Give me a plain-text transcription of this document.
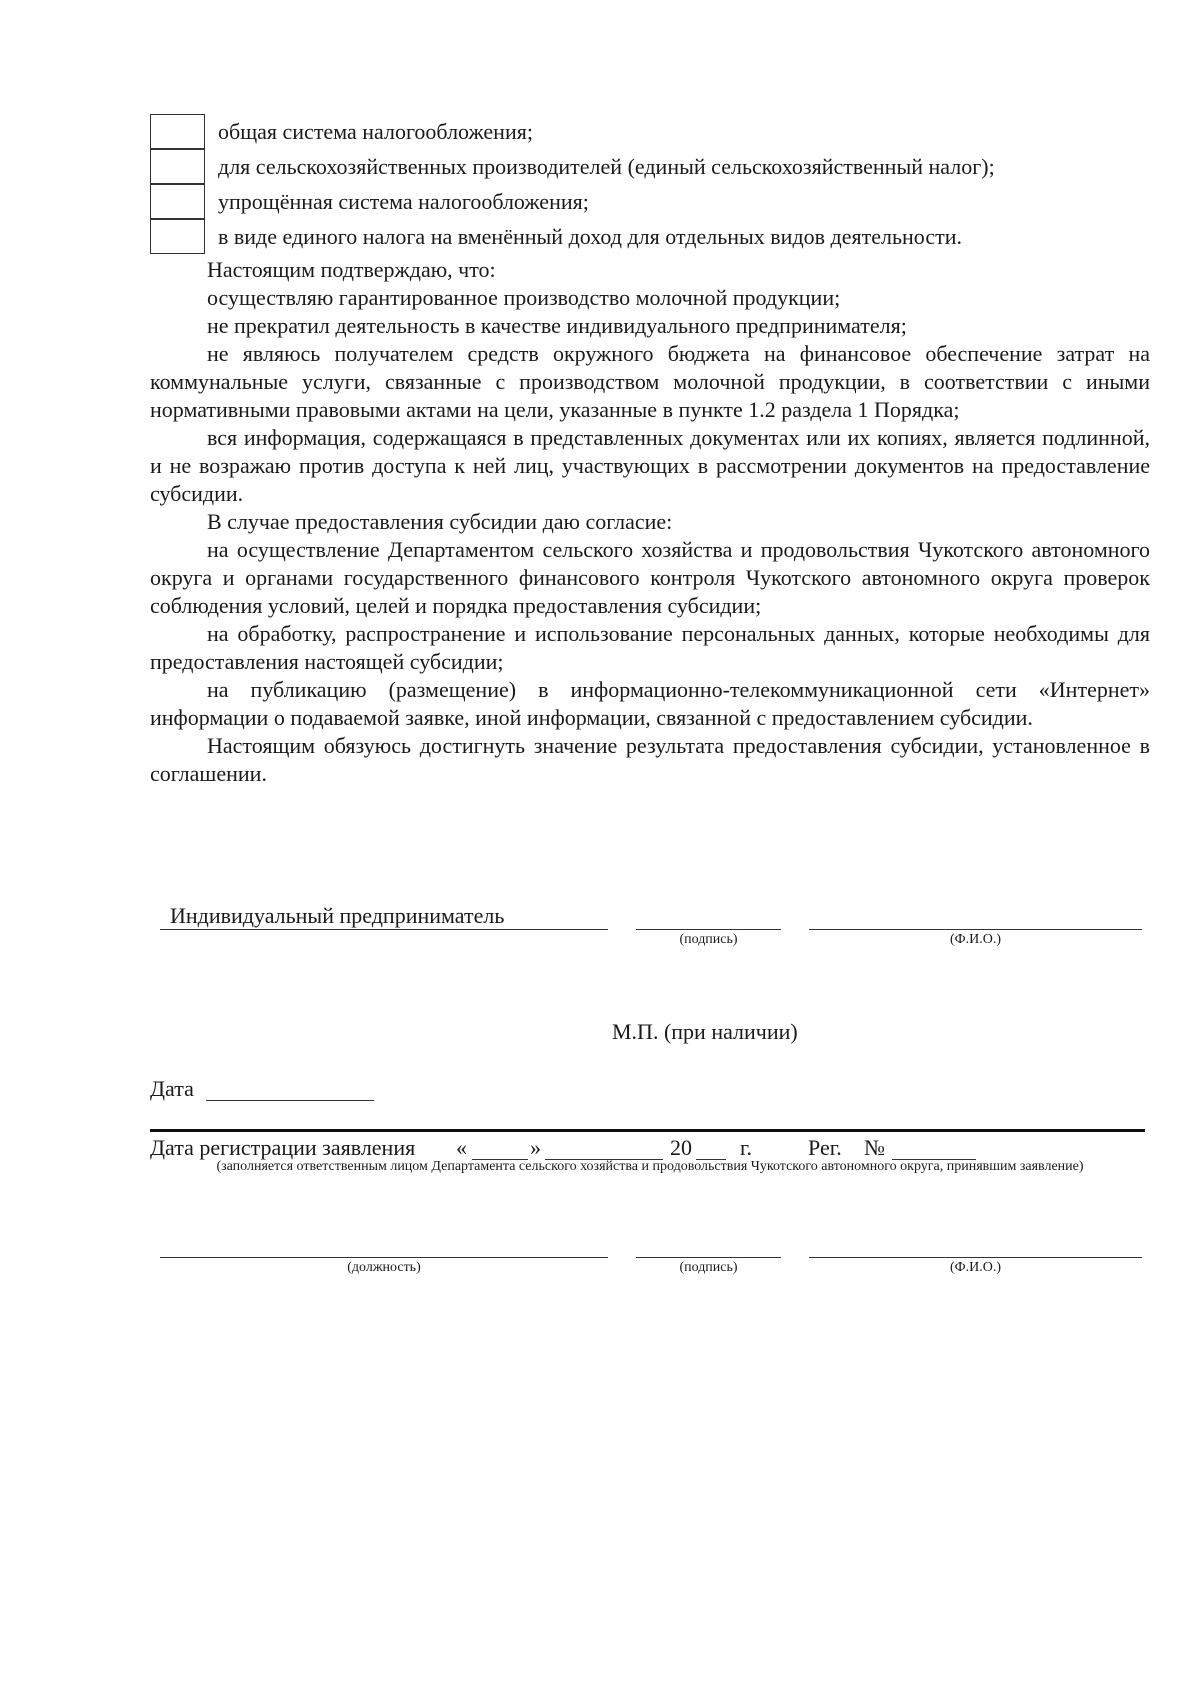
общая система налогообложения;
для сельскохозяйственных производителей (единый сельскохозяйственный налог);
упрощённая система налогообложения;
в виде единого налога на вменённый доход для отдельных видов деятельности.

Настоящим подтверждаю, что:

осуществляю гарантированное производство молочной продукции;

не прекратил деятельность в качестве индивидуального предпринимателя;

не являюсь получателем средств окружного бюджета на финансовое обеспечение затрат на коммунальные услуги, связанные с производством молочной продукции, в соответствии с иными нормативными правовыми актами на цели, указанные в пункте 1.2 раздела 1 Порядка;

вся информация, содержащаяся в представленных документах или их копиях, является подлинной, и не возражаю против доступа к ней лиц, участвующих в рассмотрении документов на предоставление субсидии.

В случае предоставления субсидии даю согласие:

на осуществление Департаментом сельского хозяйства и продовольствия Чукотского автономного округа и органами государственного финансового контроля Чукотского автономного округа проверок соблюдения условий, целей и порядка предоставления субсидии;

на обработку, распространение и использование персональных данных, которые необходимы для предоставления настоящей субсидии;

на публикацию (размещение) в информационно-телекоммуникационной сети «Интернет» информации о подаваемой заявке, иной информации, связанной с предоставлением субсидии.

Настоящим обязуюсь достигнуть значение результата предоставления субсидии, установленное в соглашении.

Индивидуальный предприниматель
(подпись)	(Ф.И.О.)
М.П. (при наличии)
Дата
Дата регистрации заявления «	»	20 г.	Рег. №
(заполняется ответственным лицом Департамента сельского хозяйства и продовольствия Чукотского автономного округа, принявшим заявление)
(должность)	(подпись)	(Ф.И.О.)
